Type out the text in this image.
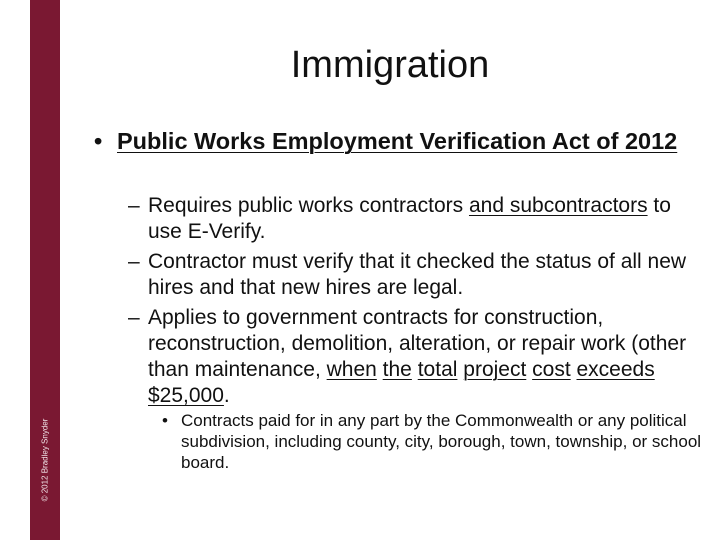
© 2012 Bradley Snyder
Immigration
• Public Works Employment Verification Act of 2012
– Requires public works contractors and subcontractors to use E-Verify.
– Contractor must verify that it checked the status of all new hires and that new hires are legal.
– Applies to government contracts for construction, reconstruction, demolition, alteration, or repair work (other than maintenance, when the total project cost exceeds $25,000.
• Contracts paid for in any part by the Commonwealth or any political subdivision, including county, city, borough, town, township, or school board.
